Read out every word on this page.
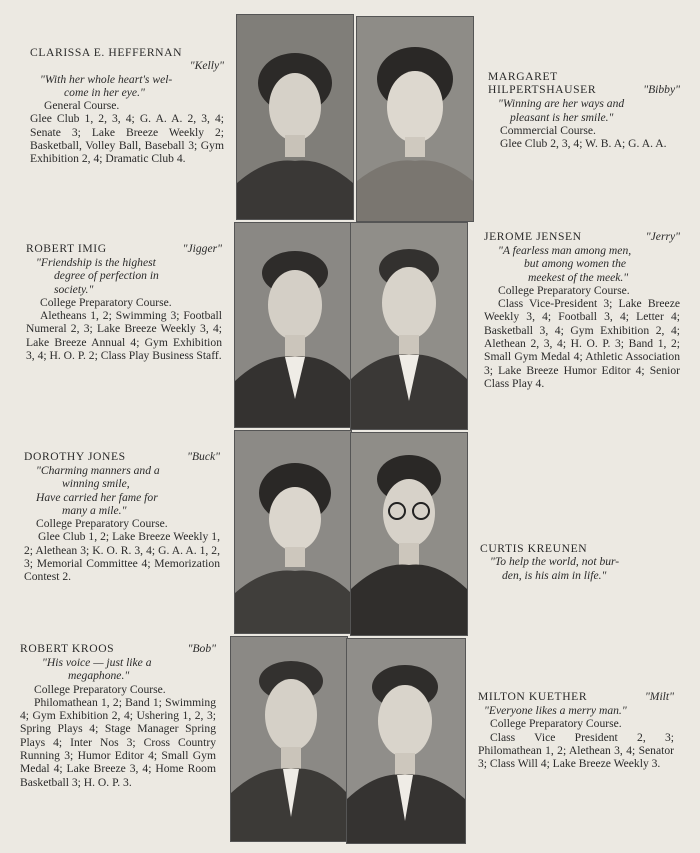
CLARISSA E. HEFFERNAN
"Kelly"
"With her whole heart's wel-
come in her eye."
General Course.
Glee Club 1, 2, 3, 4; G. A. A. 2, 3, 4; Senate 3; Lake Breeze Weekly 2; Basketball, Volley Ball, Baseball 3; Gym Exhibition 2, 4; Dramatic Club 4.
MARGARET
HILPERTSHAUSER	"Bibby"
"Winning are her ways and
pleasant is her smile."
Commercial Course.
Glee Club 2, 3, 4; W. B. A; G. A. A.
ROBERT IMIG	"Jigger"
"Friendship is the highest
degree of perfection in
society."
College Preparatory Course.
Aletheans 1, 2; Swimming 3; Football Numeral 2, 3; Lake Breeze Weekly 3, 4; Lake Breeze Annual 4; Gym Exhibition 3, 4; H. O. P. 2; Class Play Business Staff.
JEROME JENSEN	"Jerry"
"A fearless man among men,
but among women the
meekest of the meek."
College Preparatory Course.
Class Vice-President 3; Lake Breeze Weekly 3, 4; Football 3, 4; Letter 4; Basketball 3, 4; Gym Exhibition 2, 4; Alethean 2, 3, 4; H. O. P. 3; Band 1, 2; Small Gym Medal 4; Athletic Association 3; Lake Breeze Humor Editor 4; Senior Class Play 4.
DOROTHY JONES	"Buck"
"Charming manners and a
winning smile,
Have carried her fame for
many a mile."
College Preparatory Course.
Glee Club 1, 2; Lake Breeze Weekly 1, 2; Alethean 3; K. O. R. 3, 4; G. A. A. 1, 2, 3; Memorial Committee 4; Memorization Contest 2.
CURTIS KREUNEN
"To help the world, not bur-
den, is his aim in life."
ROBERT KROOS	"Bob"
"His voice — just like a
megaphone."
College Preparatory Course.
Philomathean 1, 2; Band 1; Swimming 4; Gym Exhibition 2, 4; Ushering 1, 2, 3; Spring Plays 4; Stage Manager Spring Plays 4; Inter Nos 3; Cross Country Running 3; Humor Editor 4; Small Gym Medal 4; Lake Breeze 3, 4; Home Room Basketball 3; H. O. P. 3.
MILTON KUETHER	"Milt"
"Everyone likes a merry man."
College Preparatory Course.
Class Vice President 2, 3; Philomathean 1, 2; Alethean 3, 4; Senator 3; Class Will 4; Lake Breeze Weekly 3.
